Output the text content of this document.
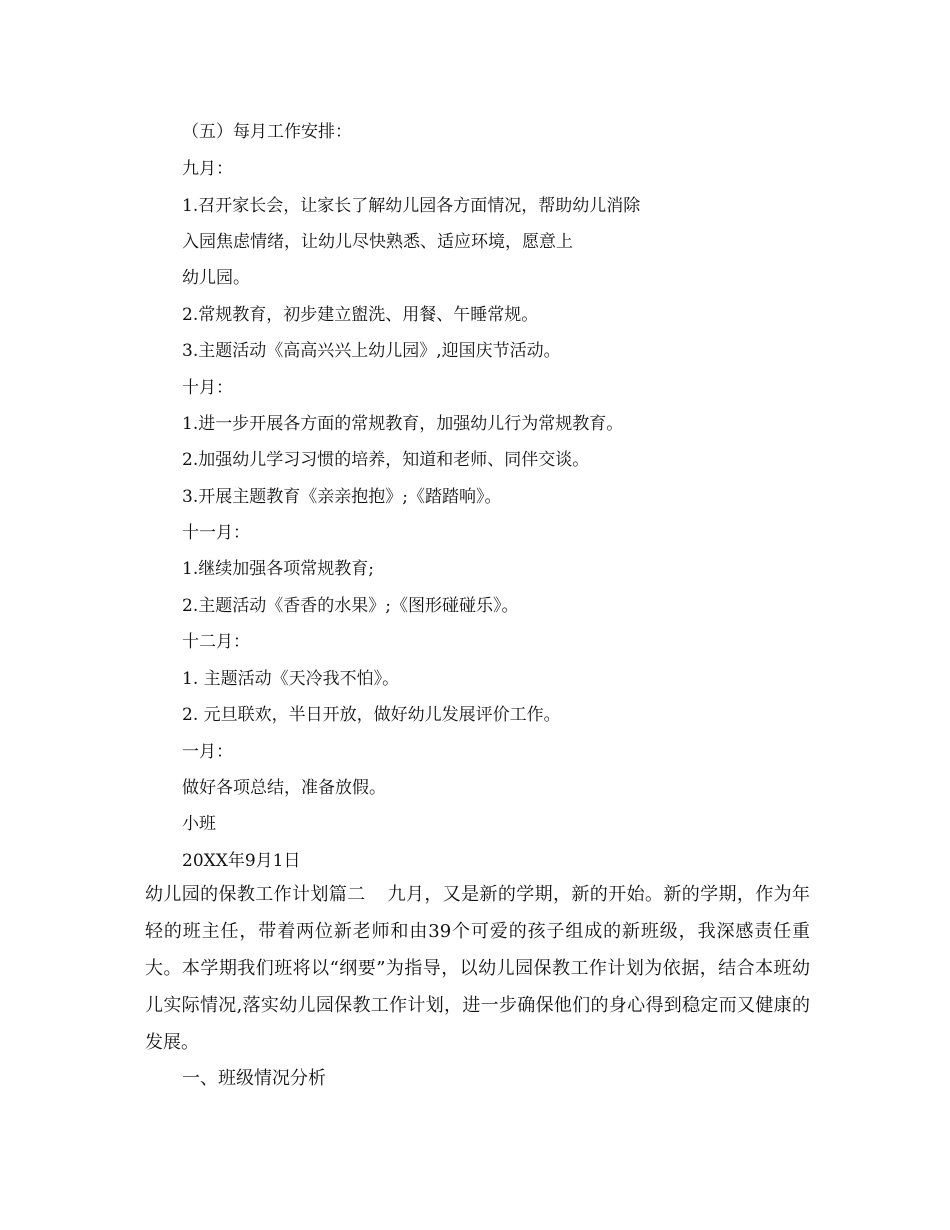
（五）每月工作安排：
九月：
1.召开家长会，让家长了解幼儿园各方面情况，帮助幼儿消除
入园焦虑情绪，让幼儿尽快熟悉、适应环境，愿意上
幼儿园。
2.常规教育，初步建立盥洗、用餐、午睡常规。
3.主题活动《高高兴兴上幼儿园》,迎国庆节活动。
十月：
1.进一步开展各方面的常规教育，加强幼儿行为常规教育。
2.加强幼儿学习习惯的培养，知道和老师、同伴交谈。
3.开展主题教育《亲亲抱抱》;《踏踏响》。
十一月：
1.继续加强各项常规教育;
2.主题活动《香香的水果》;《图形碰碰乐》。
十二月：
1. 主题活动《天冷我不怕》。
2. 元旦联欢，半日开放，做好幼儿发展评价工作。
一月：
做好各项总结，准备放假。
小班
20XX年9月1日
幼儿园的保教工作计划篇二 九月，又是新的学期，新的开始。新的学期，作为年轻的班主任，带着两位新老师和由39个可爱的孩子组成的新班级，我深感责任重大。本学期我们班将以“纲要”为指导，以幼儿园保教工作计划为依据，结合本班幼儿实际情况,落实幼儿园保教工作计划，进一步确保他们的身心得到稳定而又健康的发展。
一、班级情况分析
